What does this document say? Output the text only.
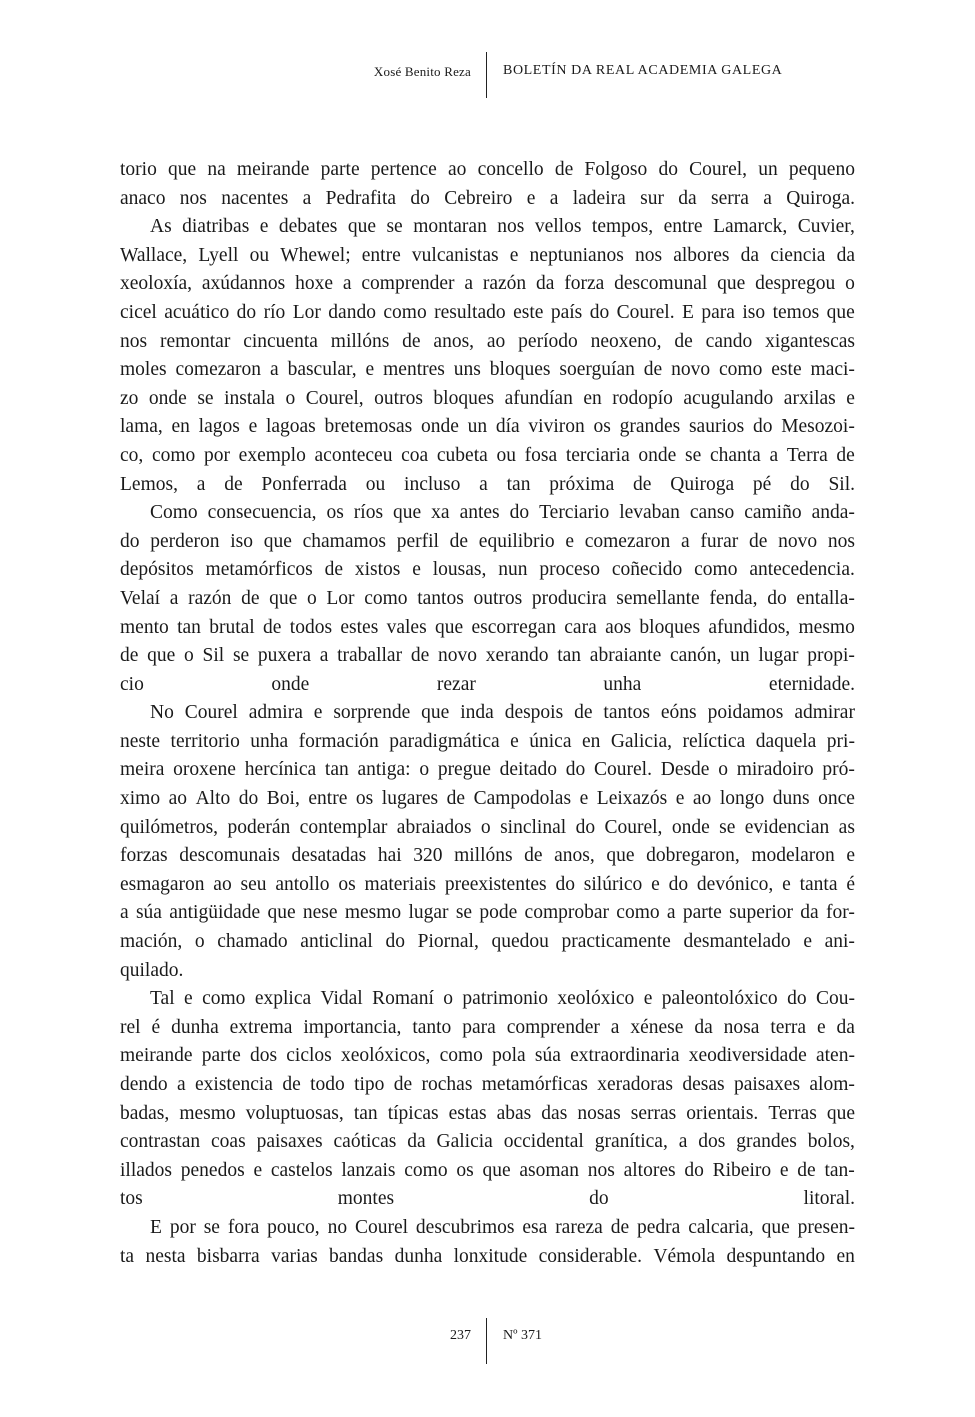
Xosé Benito Reza BOLETÍN DA REAL ACADEMIA GALEGA
torio que na meirande parte pertence ao concello de Folgoso do Courel, un pequeno
anaco nos nacentes a Pedrafita do Cebreiro e a ladeira sur da serra a Quiroga.
As diatribas e debates que se montaran nos vellos tempos, entre Lamarck, Cuvier,
Wallace, Lyell ou Whewel; entre vulcanistas e neptunianos nos albores da ciencia da
xeoloxía, axúdannos hoxe a comprender a razón da forza descomunal que despregou o
cicel acuático do río Lor dando como resultado este país do Courel. E para iso temos que
nos remontar cincuenta millóns de anos, ao período neoxeno, de cando xigantescas
moles comezaron a bascular, e mentres uns bloques soerguían de novo como este maci-
zo onde se instala o Courel, outros bloques afundían en rodopío acugulando arxilas e
lama, en lagos e lagoas bretemosas onde un día viviron os grandes saurios do Mesozoi-
co, como por exemplo aconteceu coa cubeta ou fosa terciaria onde se chanta a Terra de
Lemos, a de Ponferrada ou incluso a tan próxima de Quiroga pé do Sil.
Como consecuencia, os ríos que xa antes do Terciario levaban canso camiño anda-
do perderon iso que chamamos perfil de equilibrio e comezaron a furar de novo nos
depósitos metamórficos de xistos e lousas, nun proceso coñecido como antecedencia.
Velaí a razón de que o Lor como tantos outros producira semellante fenda, do entalla-
mento tan brutal de todos estes vales que escorregan cara aos bloques afundidos, mesmo
de que o Sil se puxera a traballar de novo xerando tan abraiante canón, un lugar propi-
cio onde rezar unha eternidade.
No Courel admira e sorprende que inda despois de tantos eóns poidamos admirar
neste territorio unha formación paradigmática e única en Galicia, relíctica daquela pri-
meira oroxene hercínica tan antiga: o pregue deitado do Courel. Desde o miradoiro pró-
ximo ao Alto do Boi, entre os lugares de Campodolas e Leixazós e ao longo duns once
quilómetros, poderán contemplar abraiados o sinclinal do Courel, onde se evidencian as
forzas descomunais desatadas hai 320 millóns de anos, que dobregaron, modelaron e
esmagaron ao seu antollo os materiais preexistentes do silúrico e do devónico, e tanta é
a súa antigüidade que nese mesmo lugar se pode comprobar como a parte superior da for-
mación, o chamado anticlinal do Piornal, quedou practicamente desmantelado e ani-
quilado.
Tal e como explica Vidal Romaní o patrimonio xeolóxico e paleontolóxico do Cou-
rel é dunha extrema importancia, tanto para comprender a xénese da nosa terra e da
meirande parte dos ciclos xeolóxicos, como pola súa extraordinaria xeodiversidade aten-
dendo a existencia de todo tipo de rochas metamórficas xeradoras desas paisaxes alom-
badas, mesmo voluptuosas, tan típicas estas abas das nosas serras orientais. Terras que
contrastan coas paisaxes caóticas da Galicia occidental granítica, a dos grandes bolos,
illados penedos e castelos lanzais como os que asoman nos altores do Ribeiro e de tan-
tos montes do litoral.
E por se fora pouco, no Courel descubrimos esa rareza de pedra calcaria, que presen-
ta nesta bisbarra varias bandas dunha lonxitude considerable. Vémola despuntando en
237 Nº 371
